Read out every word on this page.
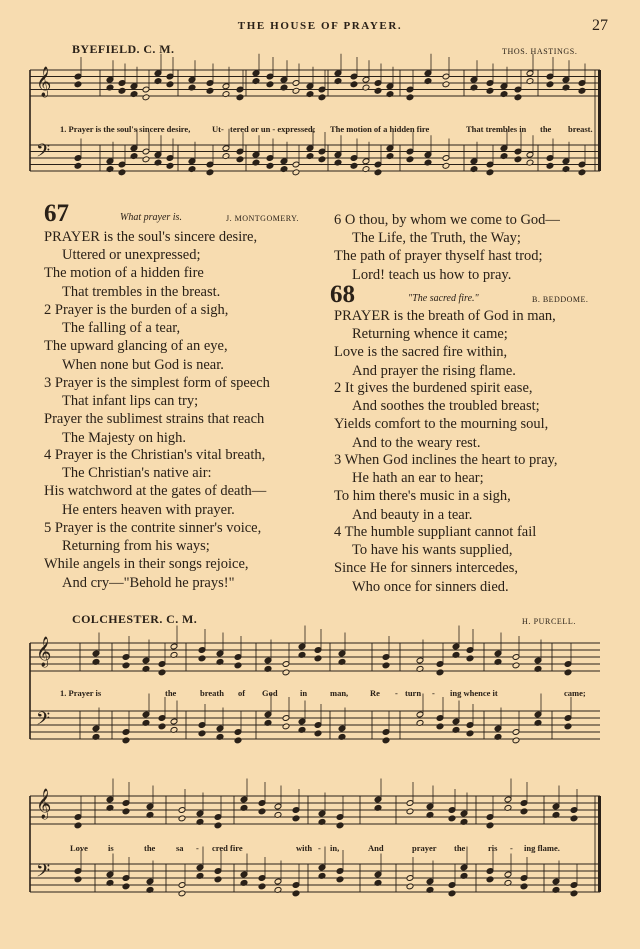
THE HOUSE OF PRAYER.	27
𝄞
𝄞
𝄞
𝄢
𝄢
𝄢
BYEFIELD. C. M.	THOS. HASTINGS.
1. Prayer is the soul's sincere desire,	Ut- tered or un - expressed; The motion of a hidden fire	That trembles in the breast.
67	What prayer is.	J. MONTGOMERY.
PRAYER is the soul's sincere desire,
Uttered or unexpressed;
The motion of a hidden fire
That trembles in the breast.
2 Prayer is the burden of a sigh,
The falling of a tear,
The upward glancing of an eye,
When none but God is near.
3 Prayer is the simplest form of speech
That infant lips can try;
Prayer the sublimest strains that reach
The Majesty on high.
4 Prayer is the Christian's vital breath,
The Christian's native air:
His watchword at the gates of death—
He enters heaven with prayer.
5 Prayer is the contrite sinner's voice,
Returning from his ways;
While angels in their songs rejoice,
And cry—"Behold he prays!"
6 O thou, by whom we come to God—
The Life, the Truth, the Way;
The path of prayer thyself hast trod;
Lord! teach us how to pray.
68	"The sacred fire."	B. BEDDOME.
PRAYER is the breath of God in man,
Returning whence it came;
Love is the sacred fire within,
And prayer the rising flame.
2 It gives the burdened spirit ease,
And soothes the troubled breast;
Yields comfort to the mourning soul,
And to the weary rest.
3 When God inclines the heart to pray,
He hath an ear to hear;
To him there's music in a sigh,
And beauty in a tear.
4 The humble suppliant cannot fail
To have his wants supplied,
Since He for sinners intercedes,
Who once for sinners died.
COLCHESTER. C. M.	H. PURCELL.
1. Prayer is	the	breath of God	in	man,	Re - turn - ing whence it	came;
Love is	the sa - cred fire	with - in,	And	prayer the	ris - ing flame.
